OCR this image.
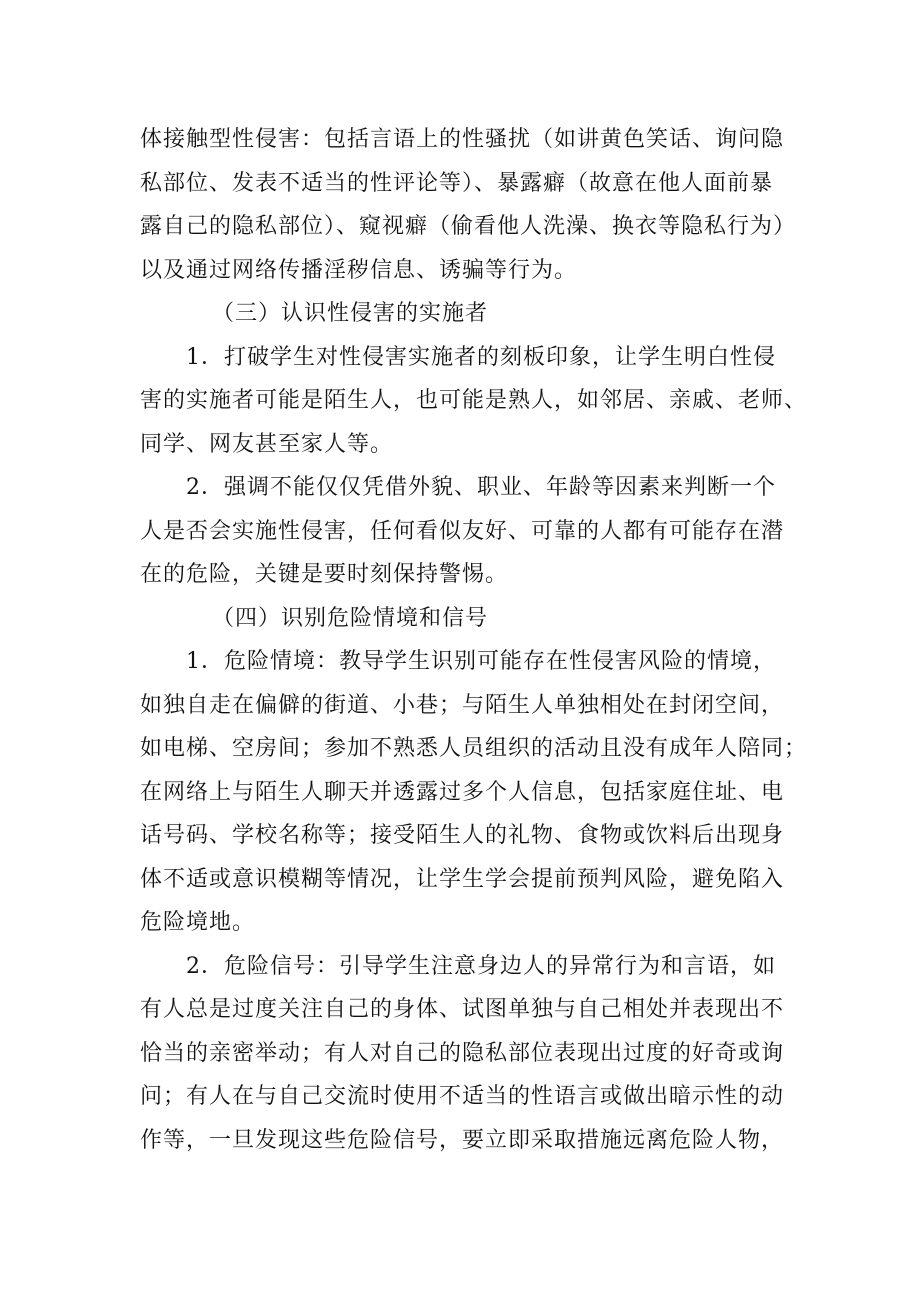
体接触型性侵害：包括言语上的性骚扰（如讲黄色笑话、询问隐
私部位、发表不适当的性评论等）、暴露癖（故意在他人面前暴
露自己的隐私部位）、窥视癖（偷看他人洗澡、换衣等隐私行为）
以及通过网络传播淫秽信息、诱骗等行为。
（三）认识性侵害的实施者
1．打破学生对性侵害实施者的刻板印象，让学生明白性侵
害的实施者可能是陌生人，也可能是熟人，如邻居、亲戚、老师、
同学、网友甚至家人等。
2．强调不能仅仅凭借外貌、职业、年龄等因素来判断一个
人是否会实施性侵害，任何看似友好、可靠的人都有可能存在潜
在的危险，关键是要时刻保持警惕。
（四）识别危险情境和信号
1．危险情境：教导学生识别可能存在性侵害风险的情境，
如独自走在偏僻的街道、小巷；与陌生人单独相处在封闭空间，
如电梯、空房间；参加不熟悉人员组织的活动且没有成年人陪同；
在网络上与陌生人聊天并透露过多个人信息，包括家庭住址、电
话号码、学校名称等；接受陌生人的礼物、食物或饮料后出现身
体不适或意识模糊等情况，让学生学会提前预判风险，避免陷入
危险境地。
2．危险信号：引导学生注意身边人的异常行为和言语，如
有人总是过度关注自己的身体、试图单独与自己相处并表现出不
恰当的亲密举动；有人对自己的隐私部位表现出过度的好奇或询
问；有人在与自己交流时使用不适当的性语言或做出暗示性的动
作等，一旦发现这些危险信号，要立即采取措施远离危险人物，
